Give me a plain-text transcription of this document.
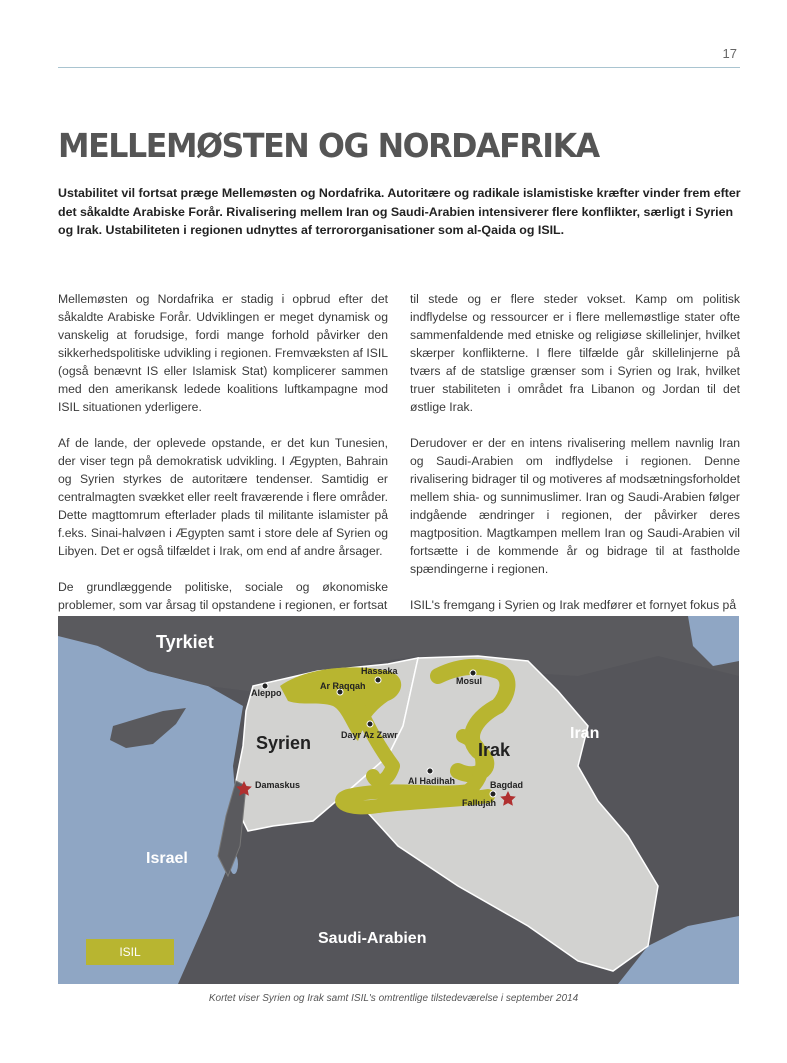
17
MELLEMØSTEN OG NORDAFRIKA

Ustabilitet vil fortsat præge Mellemøsten og Nordafrika. Autoritære og radikale islamistiske kræfter vinder frem efter det såkaldte Arabiske Forår. Rivalisering mellem Iran og Saudi-Arabien intensiverer flere konflikter, særligt i Syrien og Irak. Ustabiliteten i regionen udnyttes af terrororganisationer som al-Qaida og ISIL.

Mellemøsten og Nordafrika er stadig i opbrud efter det såkaldte Arabiske Forår. Udviklingen er meget dynamisk og vanskelig at forudsige, fordi mange forhold påvirker den sikkerhedspolitiske udvikling i regionen. Fremvæksten af ISIL (også benævnt IS eller Islamisk Stat) komplicerer sammen med den amerikansk ledede koalitions luftkampagne mod ISIL situationen yderligere.

Af de lande, der oplevede opstande, er det kun Tunesien, der viser tegn på demokratisk udvikling. I Ægypten, Bahrain og Syrien styrkes de autoritære tendenser. Samtidig er centralmagten svækket eller reelt fraværende i flere områder. Dette magttomrum efterlader plads til militante islamister på f.eks. Sinai-halvøen i Ægypten samt i store dele af Syrien og Libyen. Det er også tilfældet i Irak, om end af andre årsager.

De grundlæggende politiske, sociale og økonomiske problemer, som var årsag til opstandene i regionen, er fortsat

til stede og er flere steder vokset. Kamp om politisk indflydelse og ressourcer er i flere mellemøstlige stater ofte sammenfaldende med etniske og religiøse skillelinjer, hvilket skærper konflikterne. I flere tilfælde går skillelinjerne på tværs af de statslige grænser som i Syrien og Irak, hvilket truer stabiliteten i området fra Libanon og Jordan til det østlige Irak.

Derudover er der en intens rivalisering mellem navnlig Iran og Saudi-Arabien om indflydelse i regionen. Denne rivalisering bidrager til og motiveres af modsætningsforholdet mellem shia- og sunnimuslimer. Iran og Saudi-Arabien følger indgående ændringer i regionen, der påvirker deres magtposition. Magtkampen mellem Iran og Saudi-Arabien vil fortsætte i de kommende år og bidrage til at fastholde spændingerne i regionen.

ISIL's fremgang i Syrien og Irak medfører et fornyet fokus på

Tyrkiet
Iran
Israel
Saudi-Arabien
Syrien	Irak
Aleppo
Ar Raqqah
Hassaka
Dayr Az Zawr
Mosul
Al Hadihah
Damaskus	Bagdad
Fallujah
ISIL
Kortet viser Syrien og Irak samt ISIL's omtrentlige tilstedeværelse i september 2014
